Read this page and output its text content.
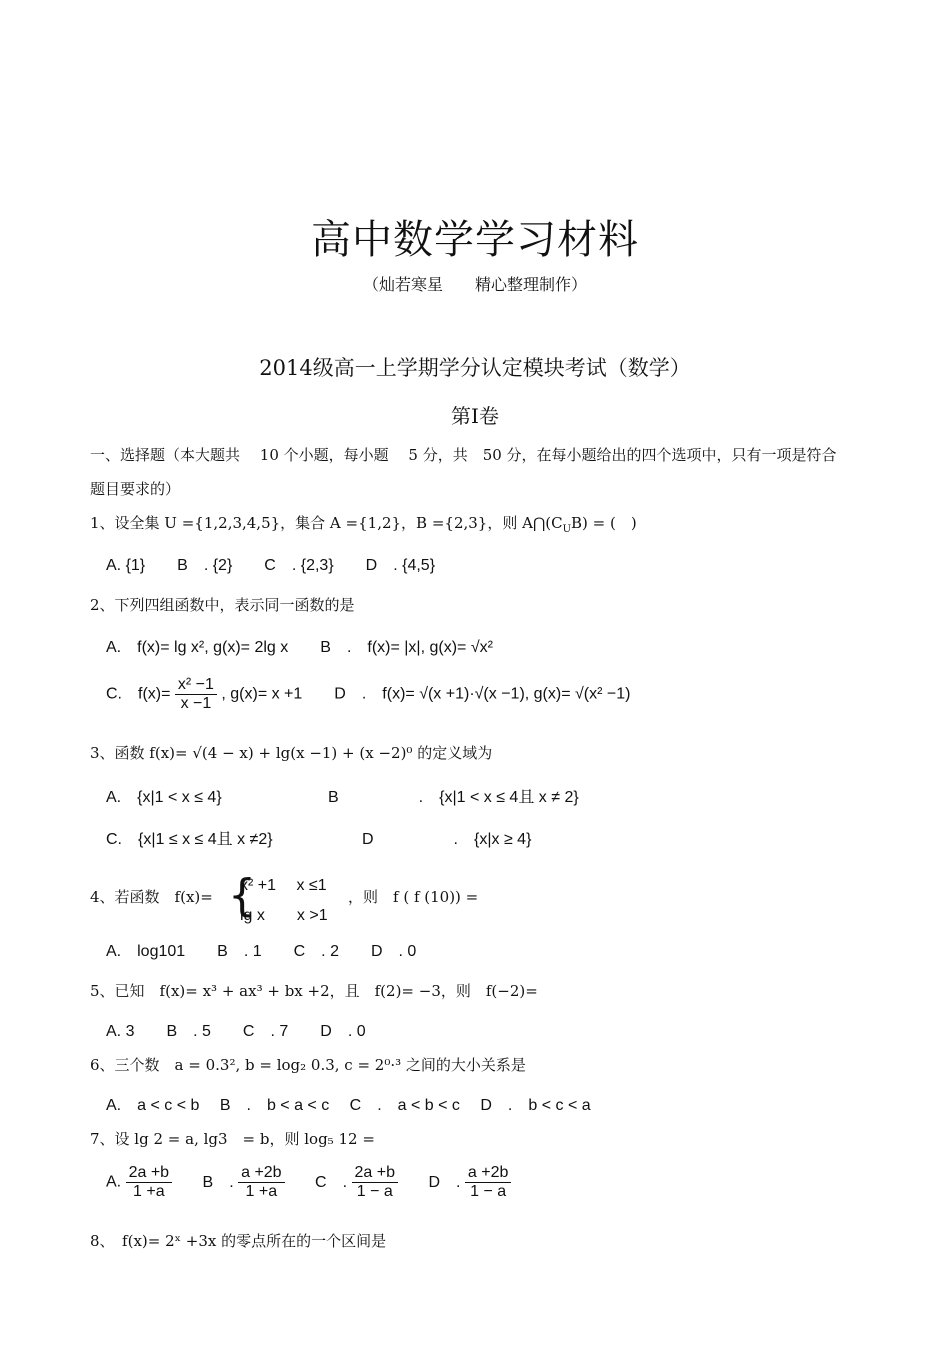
高中数学学习材料
（灿若寒星　　精心整理制作）
2014级高一上学期学分认定模块考试（数学）
第Ⅰ卷
一、选择题（本大题共　 10 个小题，每小题　 5 分，共　50 分，在每小题给出的四个选项中，只有一项是符合
题目要求的）
1、设全集 U ={1,2,3,4,5}，集合 A ={1,2}，B ={2,3}，则 $A⋂(C_UB)$ = (　)
A. {1}　　B　. {2}　　C　. {2,3}　　D　. {4,5}
2、下列四组函数中，表示同一函数的是
A.　f(x)= lg x², g(x)= 2lg x　　B　.　f(x)= |x|, g(x)= √x²
C.　$f(x)= \frac{\text{x² −1}}{x -1}$ , g(x)= x +1　　D　.　f(x)= √(x +1)·√(x −1), g(x)= √(x² −1)
3、函数 f(x)= √(4 − x) + lg(x −1) + (x −2)⁰ 的定义域为
A.　{x|1 < x ≤ 4}	B　　　　　.　{x|1 < x ≤ 4且 x ≠ 2}
C.　{x|1 ≤ x ≤ 4且 x ≠2}	D　　　　　.　{x|x ≥ 4}
4、若函数　f(x)= {
x² +1　 x ≤1
lg x　　x >1
，则　f ( f (10)) =
A.　log101　　B　. 1　　C　. 2　　D　. 0
5、已知　f(x)= x³ + ax³ + bx +2，且　f(2)= −3，则　f(−2)=
A. 3　　B　. 5　　C　. 7　　D　. 0
6、三个数　a = 0.3², b = log₂ 0.3, c = 2⁰·³ 之间的大小关系是
A.　a < c < b　 B　.　b < a < c　 C　.　a < b < c　 D　.　b < c < a
7、设 lg 2 = a, lg3　= b，则 log₅ 12 =
A. $\frac{2a +b}{1 +a}$ B　. $\frac{a +2b}{1 +a}$ C　. $\frac{2a +b}{1 - a}$ D　. $\frac{a +2b}{1 - a}$
8、　f(x)= 2ˣ +3x 的零点所在的一个区间是
